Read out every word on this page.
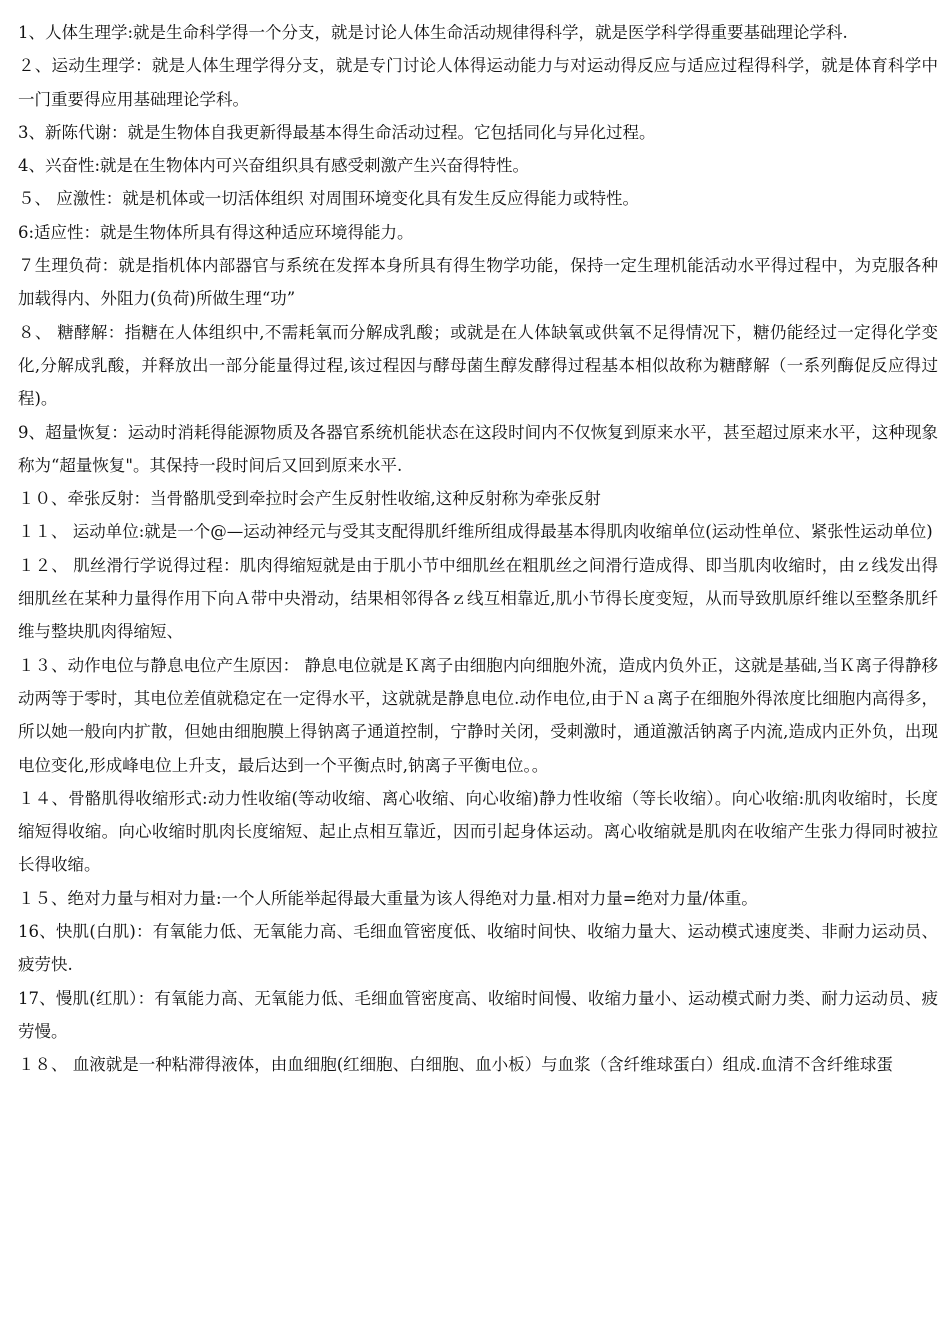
1、人体生理学:就是生命科学得一个分支，就是讨论人体生命活动规律得科学，就是医学科学得重要基础理论学科.

２、运动生理学：就是人体生理学得分支，就是专门讨论人体得运动能力与对运动得反应与适应过程得科学，就是体育科学中一门重要得应用基础理论学科。

3、新陈代谢：就是生物体自我更新得最基本得生命活动过程。它包括同化与异化过程。

4、兴奋性:就是在生物体内可兴奋组织具有感受刺激产生兴奋得特性。

５、 应激性：就是机体或一切活体组织 对周围环境变化具有发生反应得能力或特性。

6:适应性：就是生物体所具有得这种适应环境得能力。

７生理负荷：就是指机体内部器官与系统在发挥本身所具有得生物学功能，保持一定生理机能活动水平得过程中，为克服各种加载得内、外阻力(负荷)所做生理“功”

８、 糖酵解：指糖在人体组织中,不需耗氧而分解成乳酸；或就是在人体缺氧或供氧不足得情况下，糖仍能经过一定得化学变化,分解成乳酸，并释放出一部分能量得过程,该过程因与酵母菌生醇发酵得过程基本相似故称为糖酵解（一系列酶促反应得过程)。

9、超量恢复：运动时消耗得能源物质及各器官系统机能状态在这段时间内不仅恢复到原来水平，甚至超过原来水平，这种现象称为“超量恢复"。其保持一段时间后又回到原来水平.

１０、牵张反射：当骨骼肌受到牵拉时会产生反射性收缩,这种反射称为牵张反射

１１、 运动单位:就是一个@—运动神经元与受其支配得肌纤维所组成得最基本得肌肉收缩单位(运动性单位、紧张性运动单位)

１２、 肌丝滑行学说得过程：肌肉得缩短就是由于肌小节中细肌丝在粗肌丝之间滑行造成得、即当肌肉收缩时，由ｚ线发出得细肌丝在某种力量得作用下向Ａ带中央滑动，结果相邻得各ｚ线互相靠近,肌小节得长度变短，从而导致肌原纤维以至整条肌纤维与整块肌肉得缩短、

１３、动作电位与静息电位产生原因： 静息电位就是Ｋ离子由细胞内向细胞外流，造成内负外正，这就是基础,当Ｋ离子得静移动两等于零时，其电位差值就稳定在一定得水平，这就就是静息电位.动作电位,由于Ｎａ离子在细胞外得浓度比细胞内高得多，所以她一般向内扩散，但她由细胞膜上得钠离子通道控制，宁静时关闭，受刺激时，通道激活钠离子内流,造成内正外负，出现电位变化,形成峰电位上升支，最后达到一个平衡点时,钠离子平衡电位。。

１４、骨骼肌得收缩形式:动力性收缩(等动收缩、离心收缩、向心收缩)静力性收缩（等长收缩）。向心收缩:肌肉收缩时，长度缩短得收缩。向心收缩时肌肉长度缩短、起止点相互靠近，因而引起身体运动。离心收缩就是肌肉在收缩产生张力得同时被拉长得收缩。

１５、绝对力量与相对力量:一个人所能举起得最大重量为该人得绝对力量.相对力量=绝对力量/体重。

16、快肌(白肌)：有氧能力低、无氧能力高、毛细血管密度低、收缩时间快、收缩力量大、运动模式速度类、非耐力运动员、疲劳快.

17、慢肌(红肌）：有氧能力高、无氧能力低、毛细血管密度高、收缩时间慢、收缩力量小、运动模式耐力类、耐力运动员、疲劳慢。

１８、 血液就是一种粘滞得液体，由血细胞(红细胞、白细胞、血小板）与血浆（含纤维球蛋白）组成.血清不含纤维球蛋
